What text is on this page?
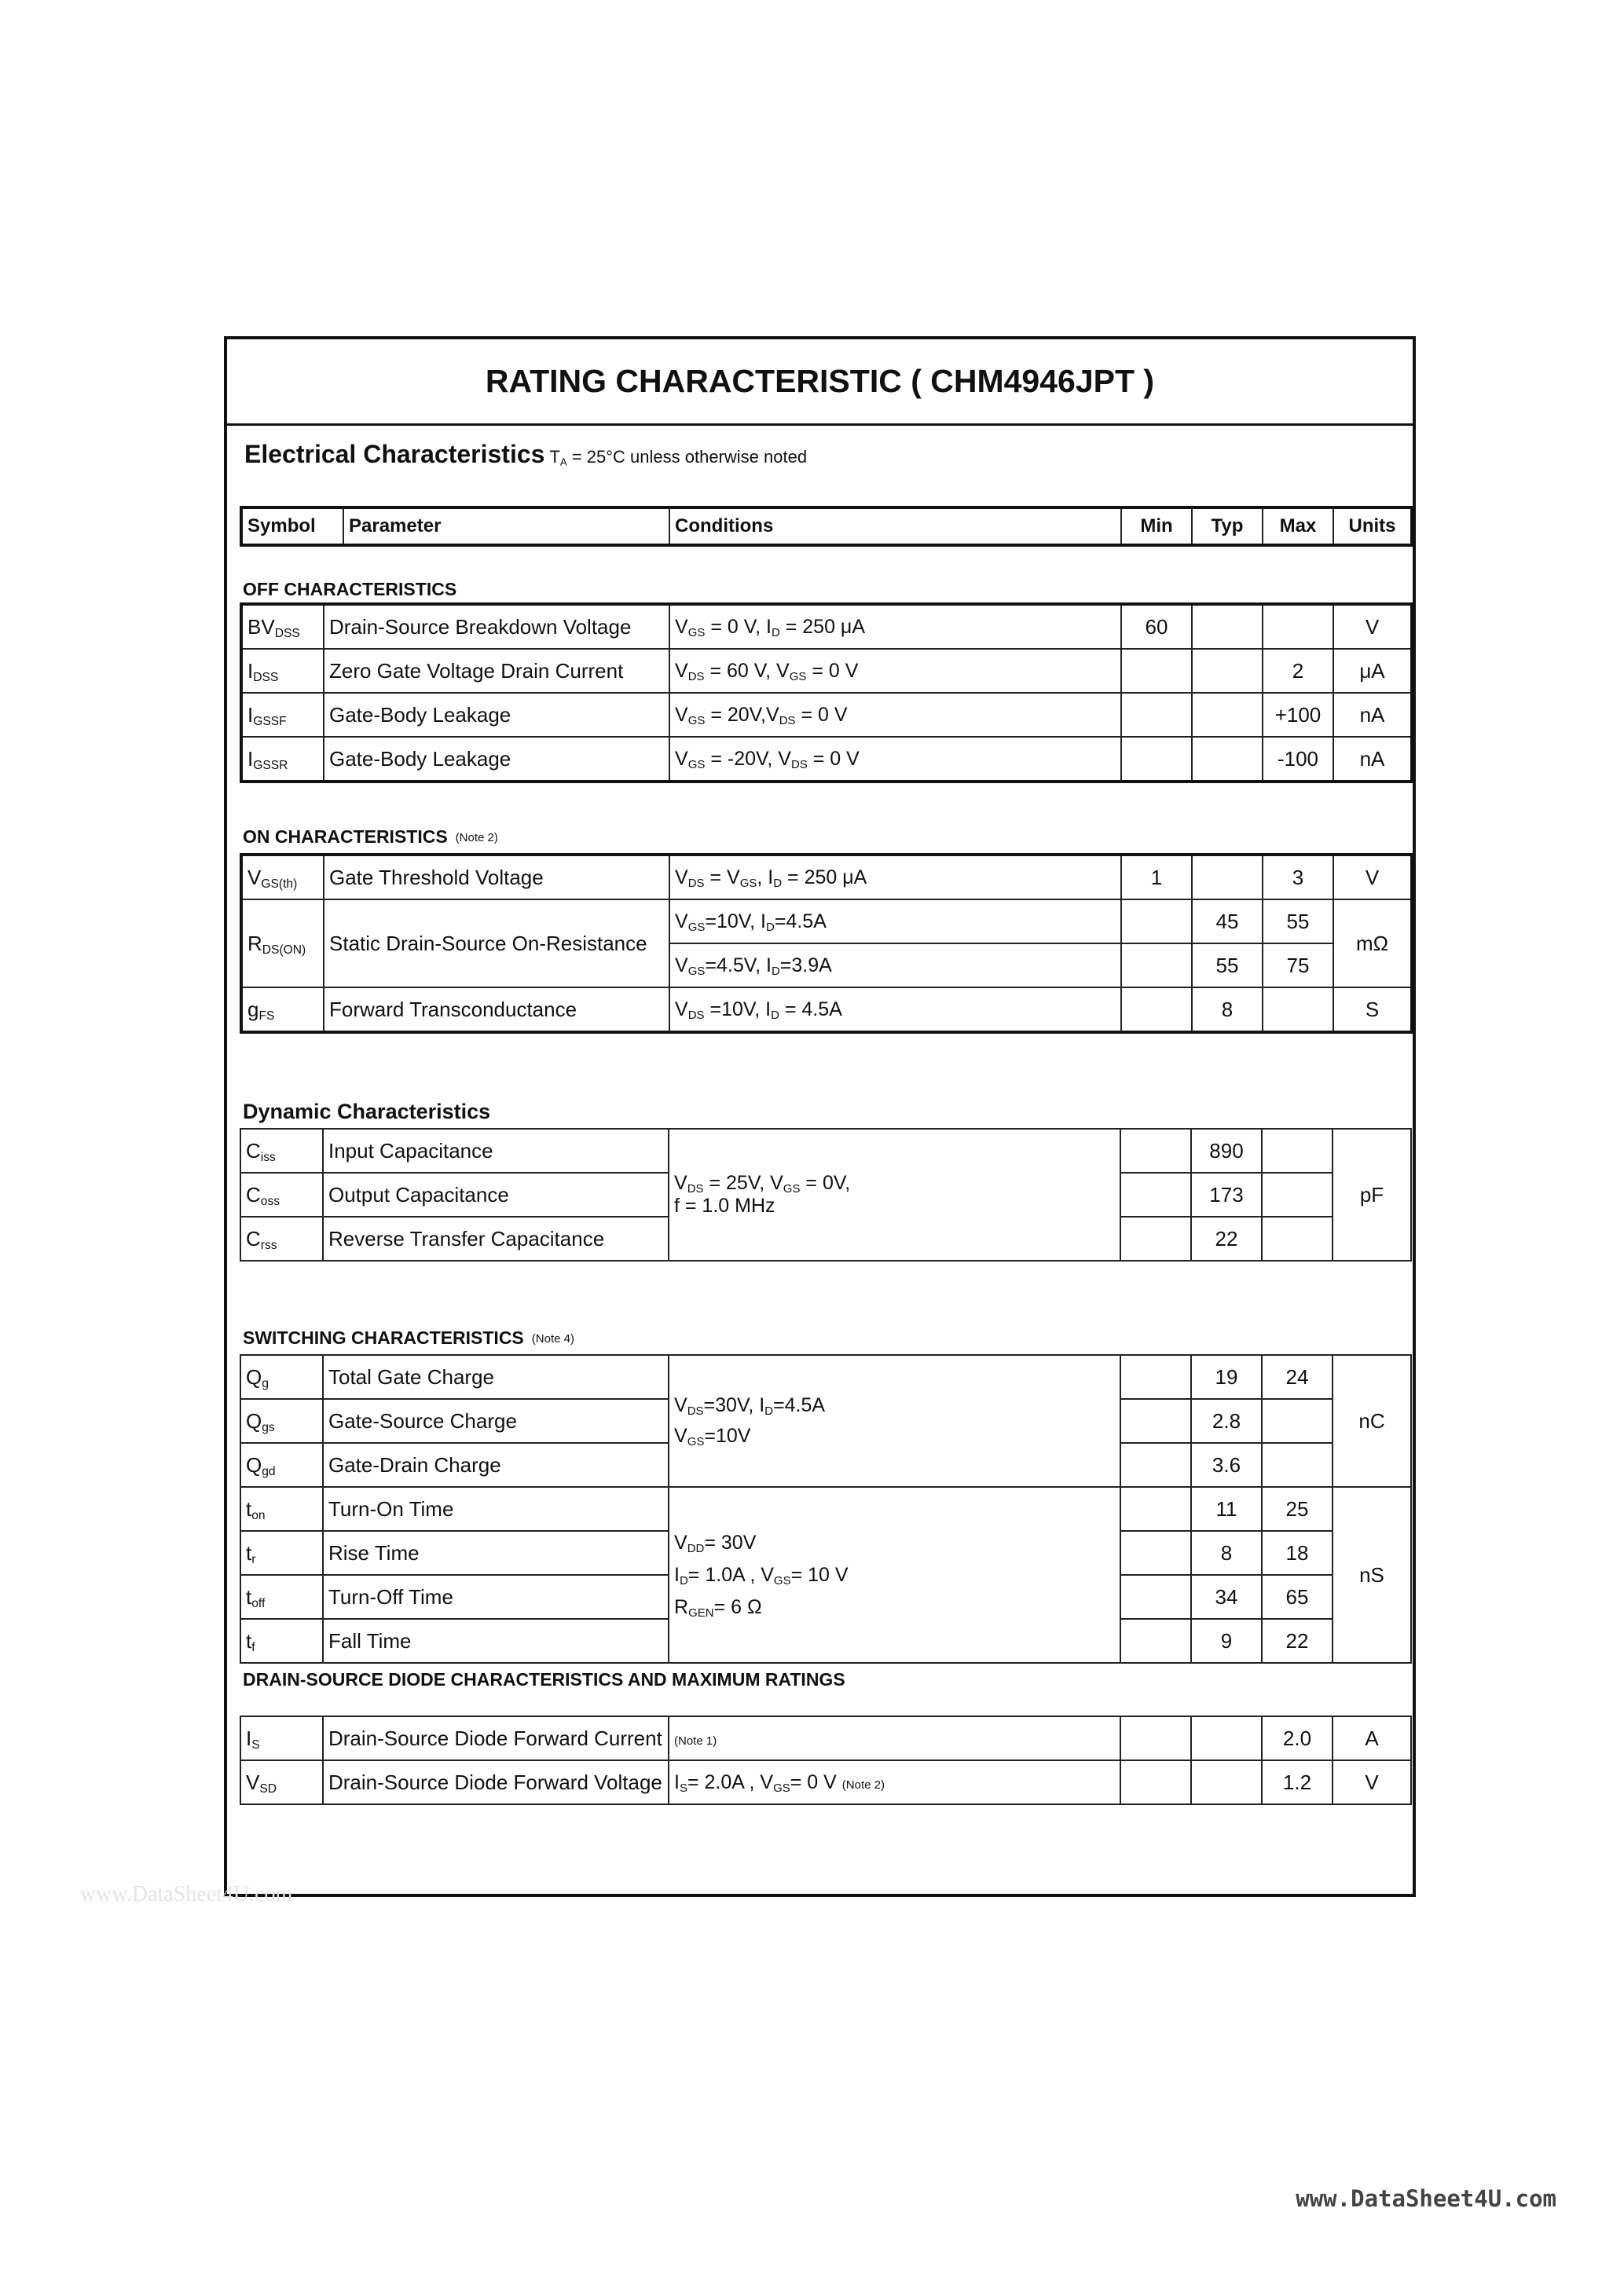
RATING CHARACTERISTIC ( CHM4946JPT )
Electrical Characteristics $T_A = 25^\circ C$ unless otherwise noted
Symbol	Parameter	Conditions	Min	Typ	Max	Units
OFF CHARACTERISTICS
$BV_{DSS}$	Drain-Source Breakdown Voltage	$V_{GS} = 0$ V, $I_D = 250$ μA	60			V
$I_{DSS}$	Zero Gate Voltage Drain Current	$V_{DS} = 60$ V, $V_{GS} = 0$ V			2	μA
$I_{GSSF}$	Gate-Body Leakage	$V_{GS} = 20V,V_{DS} = 0$ V			+100	nA
$I_{GSSR}$	Gate-Body Leakage	$V_{GS} = -20V$, $V_{DS} = 0$ V			-100	nA
ON CHARACTERISTICS (Note 2)
$V_{GS(th)}$	Gate Threshold Voltage	$V_{DS} = V_{GS}$, $I_D = 250$ μA	1		3	V
$R_{DS(ON)}$	Static Drain-Source On-Resistance	$V_{GS}=10V$, $I_D=4.5A$		45	55	mΩ
		$V_{GS}=4.5V$, $I_D=3.9A$		55	75	
$g_{FS}$	Forward Transconductance	$V_{DS} =10V$, $I_D = 4.5A$		8		S
Dynamic Characteristics
$C_{iss}$	Input Capacitance	$V_{DS} = 25V$, $V_{GS} = 0V$,
f = 1.0 MHz		890		pF
$C_{oss}$	Output Capacitance			173		
$C_{rss}$	Reverse Transfer Capacitance			22		
SWITCHING CHARACTERISTICS (Note 4)
$Q_g$	Total Gate Charge	$V_{DS}=30V$, $I_D=4.5A$
$V_{GS}=10V$		19	24	nC
$Q_{gs}$	Gate-Source Charge			2.8		
$Q_{gd}$	Gate-Drain Charge			3.6		
$t_{on}$	Turn-On Time	$V_{DD}= 30V$
$I_D= 1.0A$ , $V_{GS}= 10$ V
$R_{GEN}= 6$ Ω		11	25	nS
$t_r$	Rise Time			8	18	
$t_{off}$	Turn-Off Time			34	65	
$t_f$	Fall Time			9	22	
DRAIN-SOURCE DIODE CHARACTERISTICS AND MAXIMUM RATINGS
$I_S$	Drain-Source Diode Forward Current	(Note 1)			2.0	A
$V_{SD}$	Drain-Source Diode Forward Voltage	$I_S= 2.0A$ , $V_{GS}= 0$ V (Note 2)			1.2	V
www.DataSheet4U.com
www.DataSheet4U.com
